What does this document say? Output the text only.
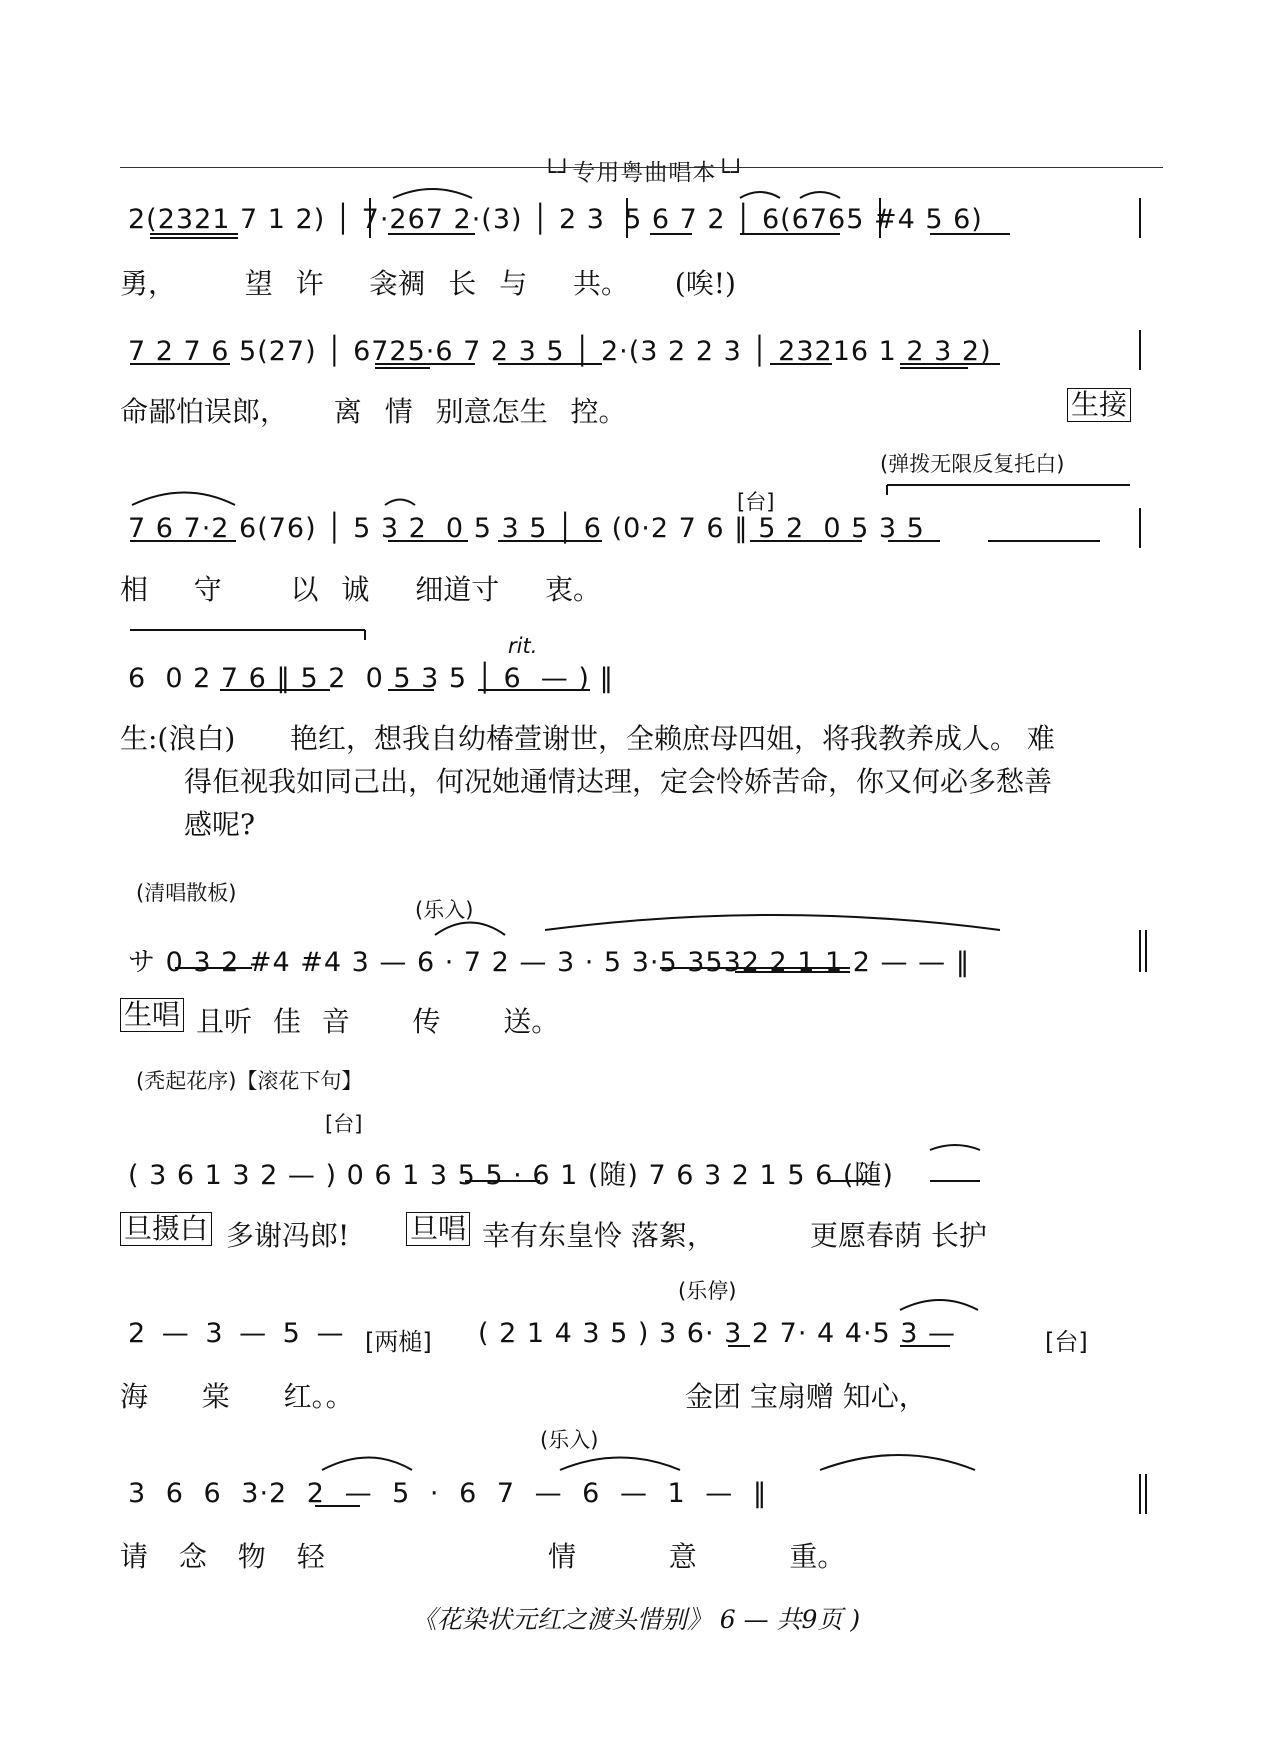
└┘专用粤曲唱本└┘

2(2321 7 1 2) │ 7·267 2·(3) │ 2 3  5 6 7 2 │ 6(6765 #4 5 6)
勇，   望 许  衾裯 长 与  共。  (唉!)
7 2 7 6 5(27) │ 6725·6 7 2 3 5 │ 2·(3 2 2 3 │ 23216 1 2 3 2)
命鄙怕误郎，  离 情 别意怎生 控。	生接
(弹拨无限反复托白)
[台]
7 6 7·2 6(76) │ 5 3 2  0 5 3 5 │ 6 (0·2 7 6 ‖ 5 2  0 5 3 5
相  守   以 诚  细道寸  衷。
rit.
6  0 2 7 6 ‖ 5 2  0 5 3 5 │ 6  — ) ‖
生:(浪白) 艳红，想我自幼椿萱谢世，全赖庶母四姐，将我教养成人。 难
得佢视我如同己出，何况她通情达理，定会怜娇苦命，你又何必多愁善
感呢?
(清唱散板)
(乐入)
サ 0 3 2 #4 #4 3 — 6 · 7 2 — 3 · 5 3·5 3532 2 1 1 2 — — ‖
生唱 且听 佳 音   传   送。
(秃起花序)【滚花下句】
[台]
( 3 6 1 3 2 — ) 0 6 1 3 5 5 · 6 1 (随) 7 6 3 2 1 5 6 (随)
旦摄白 多谢冯郎! 旦唱 幸有东皇怜 落絮，	更愿春荫 长护
(乐停)
2 — 3 — 5 — [两槌] ( 2 1 4 3 5 ) 3 6· 3 2 7· 4 4·5 3 —	[台]
海  棠  红。。	金团 宝扇赠 知心，
(乐入)
3 6 6 3·2 2 — 5 · 6 7 — 6 — 1 — ‖
请 念 物 轻	情   意   重。
《花染状元红之渡头惜别》 6 — 共9页 )
